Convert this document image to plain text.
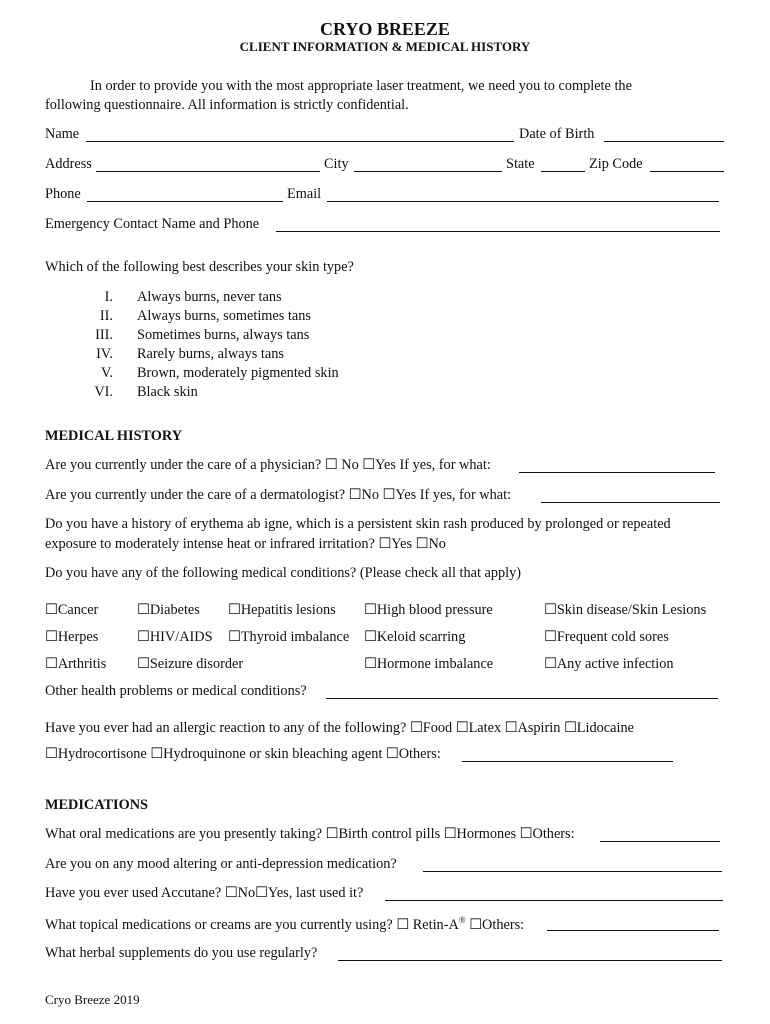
CRYO BREEZE
CLIENT INFORMATION & MEDICAL HISTORY
In order to provide you with the most appropriate laser treatment, we need you to complete the
following questionnaire. All information is strictly confidential.
Name	Date of Birth
Address	City	State	Zip Code
Phone	Email
Emergency Contact Name and Phone
Which of the following best describes your skin type?
I. Always burns, never tans
II. Always burns, sometimes tans
III. Sometimes burns, always tans
IV. Rarely burns, always tans
V. Brown, moderately pigmented skin
VI. Black skin
MEDICAL HISTORY
Are you currently under the care of a physician? ☐ No ☐Yes If yes, for what:
Are you currently under the care of a dermatologist? ☐No ☐Yes If yes, for what:
Do you have a history of erythema ab igne, which is a persistent skin rash produced by prolonged or repeated
exposure to moderately intense heat or infrared irritation? ☐Yes ☐No
Do you have any of the following medical conditions? (Please check all that apply)
☐Cancer	☐Diabetes ☐Hepatitis lesions ☐High blood pressure	☐Skin disease/Skin Lesions
☐Herpes	☐HIV/AIDS ☐Thyroid imbalance ☐Keloid scarring	☐Frequent cold sores
☐Arthritis ☐Seizure disorder	☐Hormone imbalance	☐Any active infection
Other health problems or medical conditions?
Have you ever had an allergic reaction to any of the following? ☐Food ☐Latex ☐Aspirin ☐Lidocaine
☐Hydrocortisone ☐Hydroquinone or skin bleaching agent ☐Others:
MEDICATIONS
What oral medications are you presently taking? ☐Birth control pills ☐Hormones ☐Others:
Are you on any mood altering or anti-depression medication?
Have you ever used Accutane? ☐No☐Yes, last used it?
What topical medications or creams are you currently using? ☐ Retin-A® ☐Others:
What herbal supplements do you use regularly?
Cryo Breeze 2019
